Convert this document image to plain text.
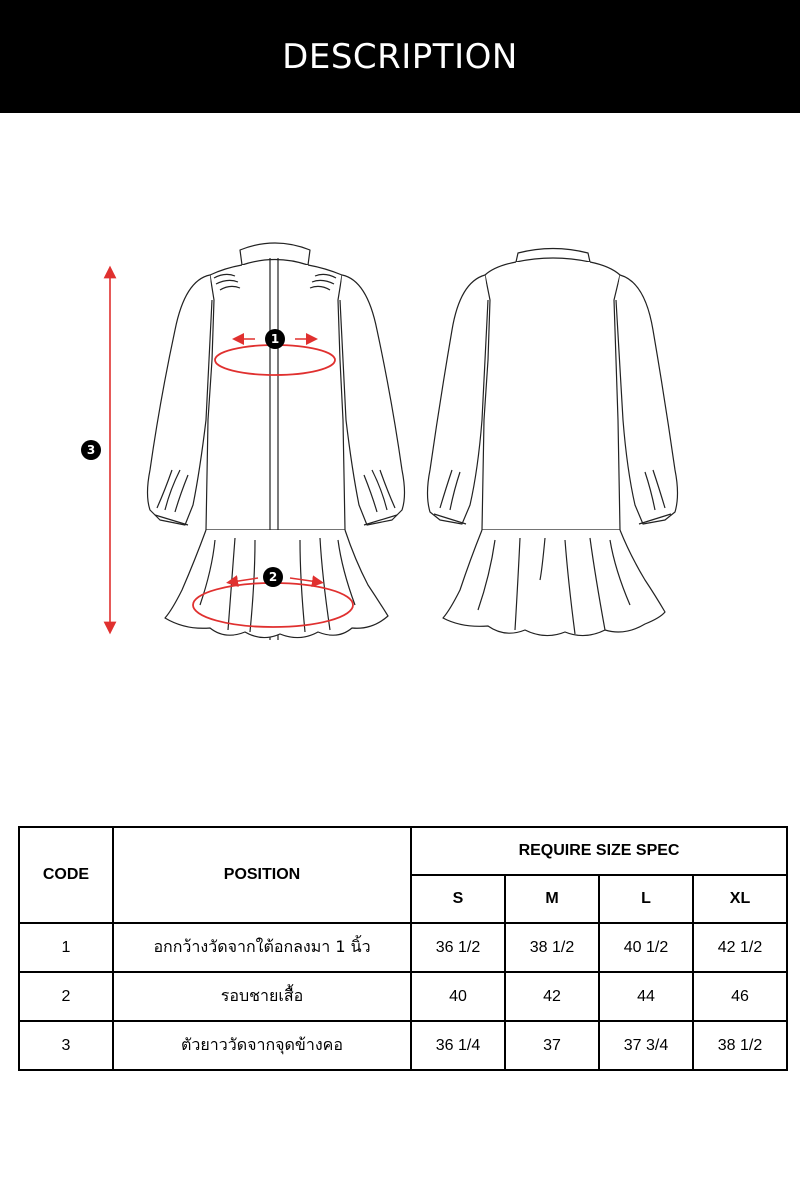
DESCRIPTION
1
2
3
CODE	POSITION	REQUIRE SIZE SPEC			
		S	M	L	XL
1	อกกว้างวัดจากใต้อกลงมา 1 นิ้ว	36 1/2	38 1/2	40 1/2	42 1/2
2	รอบชายเสื้อ	40	42	44	46
3	ตัวยาววัดจากจุดข้างคอ	36 1/4	37	37 3/4	38 1/2
